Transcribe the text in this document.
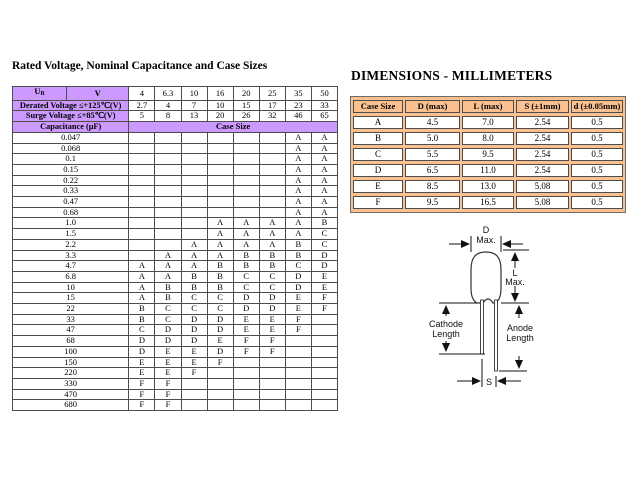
Rated Voltage, Nominal Capacitance and Case Sizes
$U_R$	V	4	6.3	10	16	20	25	35	50
Derated Voltage ≤+125℃(V)		2.7	4	7	10	15	17	23	33
Surge Voltage ≤+85℃(V)		5	8	13	20	26	32	46	65
Capacitance (μF)		Case Size							
0.047								A	A
0.068								A	A
0.1								A	A
0.15								A	A
0.22								A	A
0.33								A	A
0.47								A	A
0.68								A	A
1.0					A	A	A	A	B
1.5					A	A	A	A	C
2.2				A	A	A	A	B	C
3.3			A	A	A	B	B	B	D
4.7		A	A	A	B	B	B	C	D
6.8		A	A	B	B	C	C	D	E
10		A	B	B	B	C	C	D	E
15		A	B	C	C	D	D	E	F
22		B	C	C	C	D	D	E	F
33		B	C	D	D	E	E	F	
47		C	D	D	D	E	E	F	
68		D	D	D	E	F	F		
100		D	E	E	D	F	F		
150		E	E	E	F				
220		E	E	F					
330		F	F						
470		F	F						
680		F	F						
DIMENSIONS - MILLIMETERS
Case Size	D (max)	L (max)	S (±1mm)	d (±0.05mm)
A	4.5	7.0	2.54	0.5
B	5.0	8.0	2.54	0.5
C	5.5	9.5	2.54	0.5
D	6.5	11.0	2.54	0.5
E	8.5	13.0	5.08	0.5
F	9.5	16.5	5.08	0.5
D
Max.
L
Max.
Cathode
Length
Anode
Length
S
